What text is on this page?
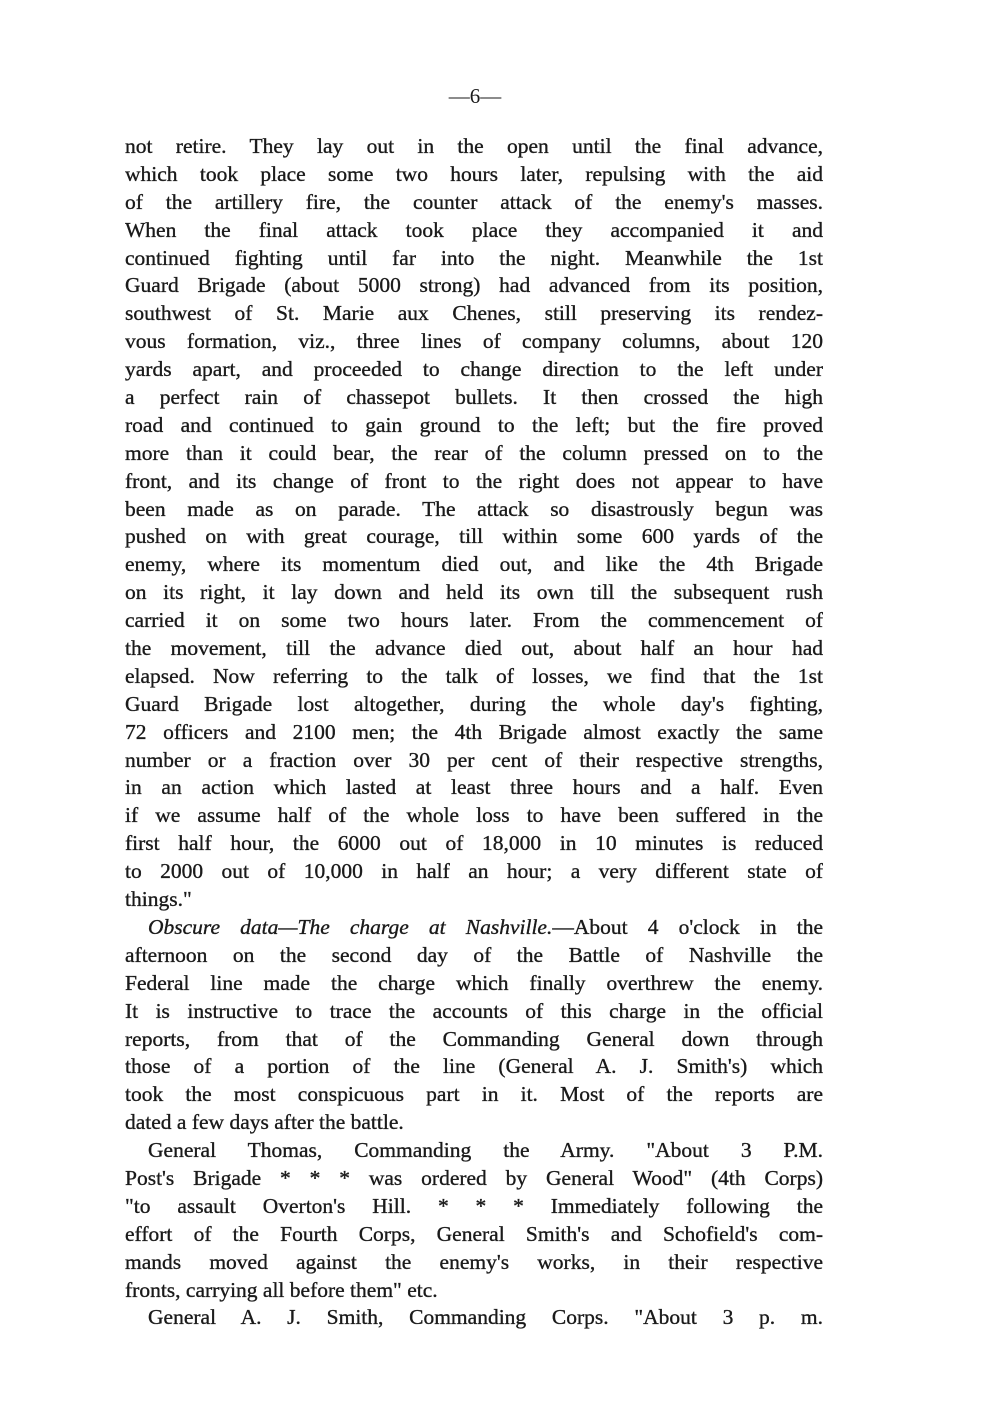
—6—
not retire. They lay out in the open until the final advance,
which took place some two hours later, repulsing with the aid
of the artillery fire, the counter attack of the enemy's masses.
When the final attack took place they accompanied it and
continued fighting until far into the night. Meanwhile the 1st
Guard Brigade (about 5000 strong) had advanced from its position,
southwest of St. Marie aux Chenes, still preserving its rendez-
vous formation, viz., three lines of company columns, about 120
yards apart, and proceeded to change direction to the left under
a perfect rain of chassepot bullets. It then crossed the high
road and continued to gain ground to the left; but the fire proved
more than it could bear, the rear of the column pressed on to the
front, and its change of front to the right does not appear to have
been made as on parade. The attack so disastrously begun was
pushed on with great courage, till within some 600 yards of the
enemy, where its momentum died out, and like the 4th Brigade
on its right, it lay down and held its own till the subsequent rush
carried it on some two hours later. From the commencement of
the movement, till the advance died out, about half an hour had
elapsed. Now referring to the talk of losses, we find that the 1st
Guard Brigade lost altogether, during the whole day's fighting,
72 officers and 2100 men; the 4th Brigade almost exactly the same
number or a fraction over 30 per cent of their respective strengths,
in an action which lasted at least three hours and a half. Even
if we assume half of the whole loss to have been suffered in the
first half hour, the 6000 out of 18,000 in 10 minutes is reduced
to 2000 out of 10,000 in half an hour; a very different state of
things."
Obscure data—The charge at Nashville.—About 4 o'clock in the
afternoon on the second day of the Battle of Nashville the
Federal line made the charge which finally overthrew the enemy.
It is instructive to trace the accounts of this charge in the official
reports, from that of the Commanding General down through
those of a portion of the line (General A. J. Smith's) which
took the most conspicuous part in it. Most of the reports are
dated a few days after the battle.
General Thomas, Commanding the Army. "About 3 P.M.
Post's Brigade * * * was ordered by General Wood" (4th Corps)
"to assault Overton's Hill. * * * Immediately following the
effort of the Fourth Corps, General Smith's and Schofield's com-
mands moved against the enemy's works, in their respective
fronts, carrying all before them" etc.
General A. J. Smith, Commanding Corps. "About 3 p. m.
